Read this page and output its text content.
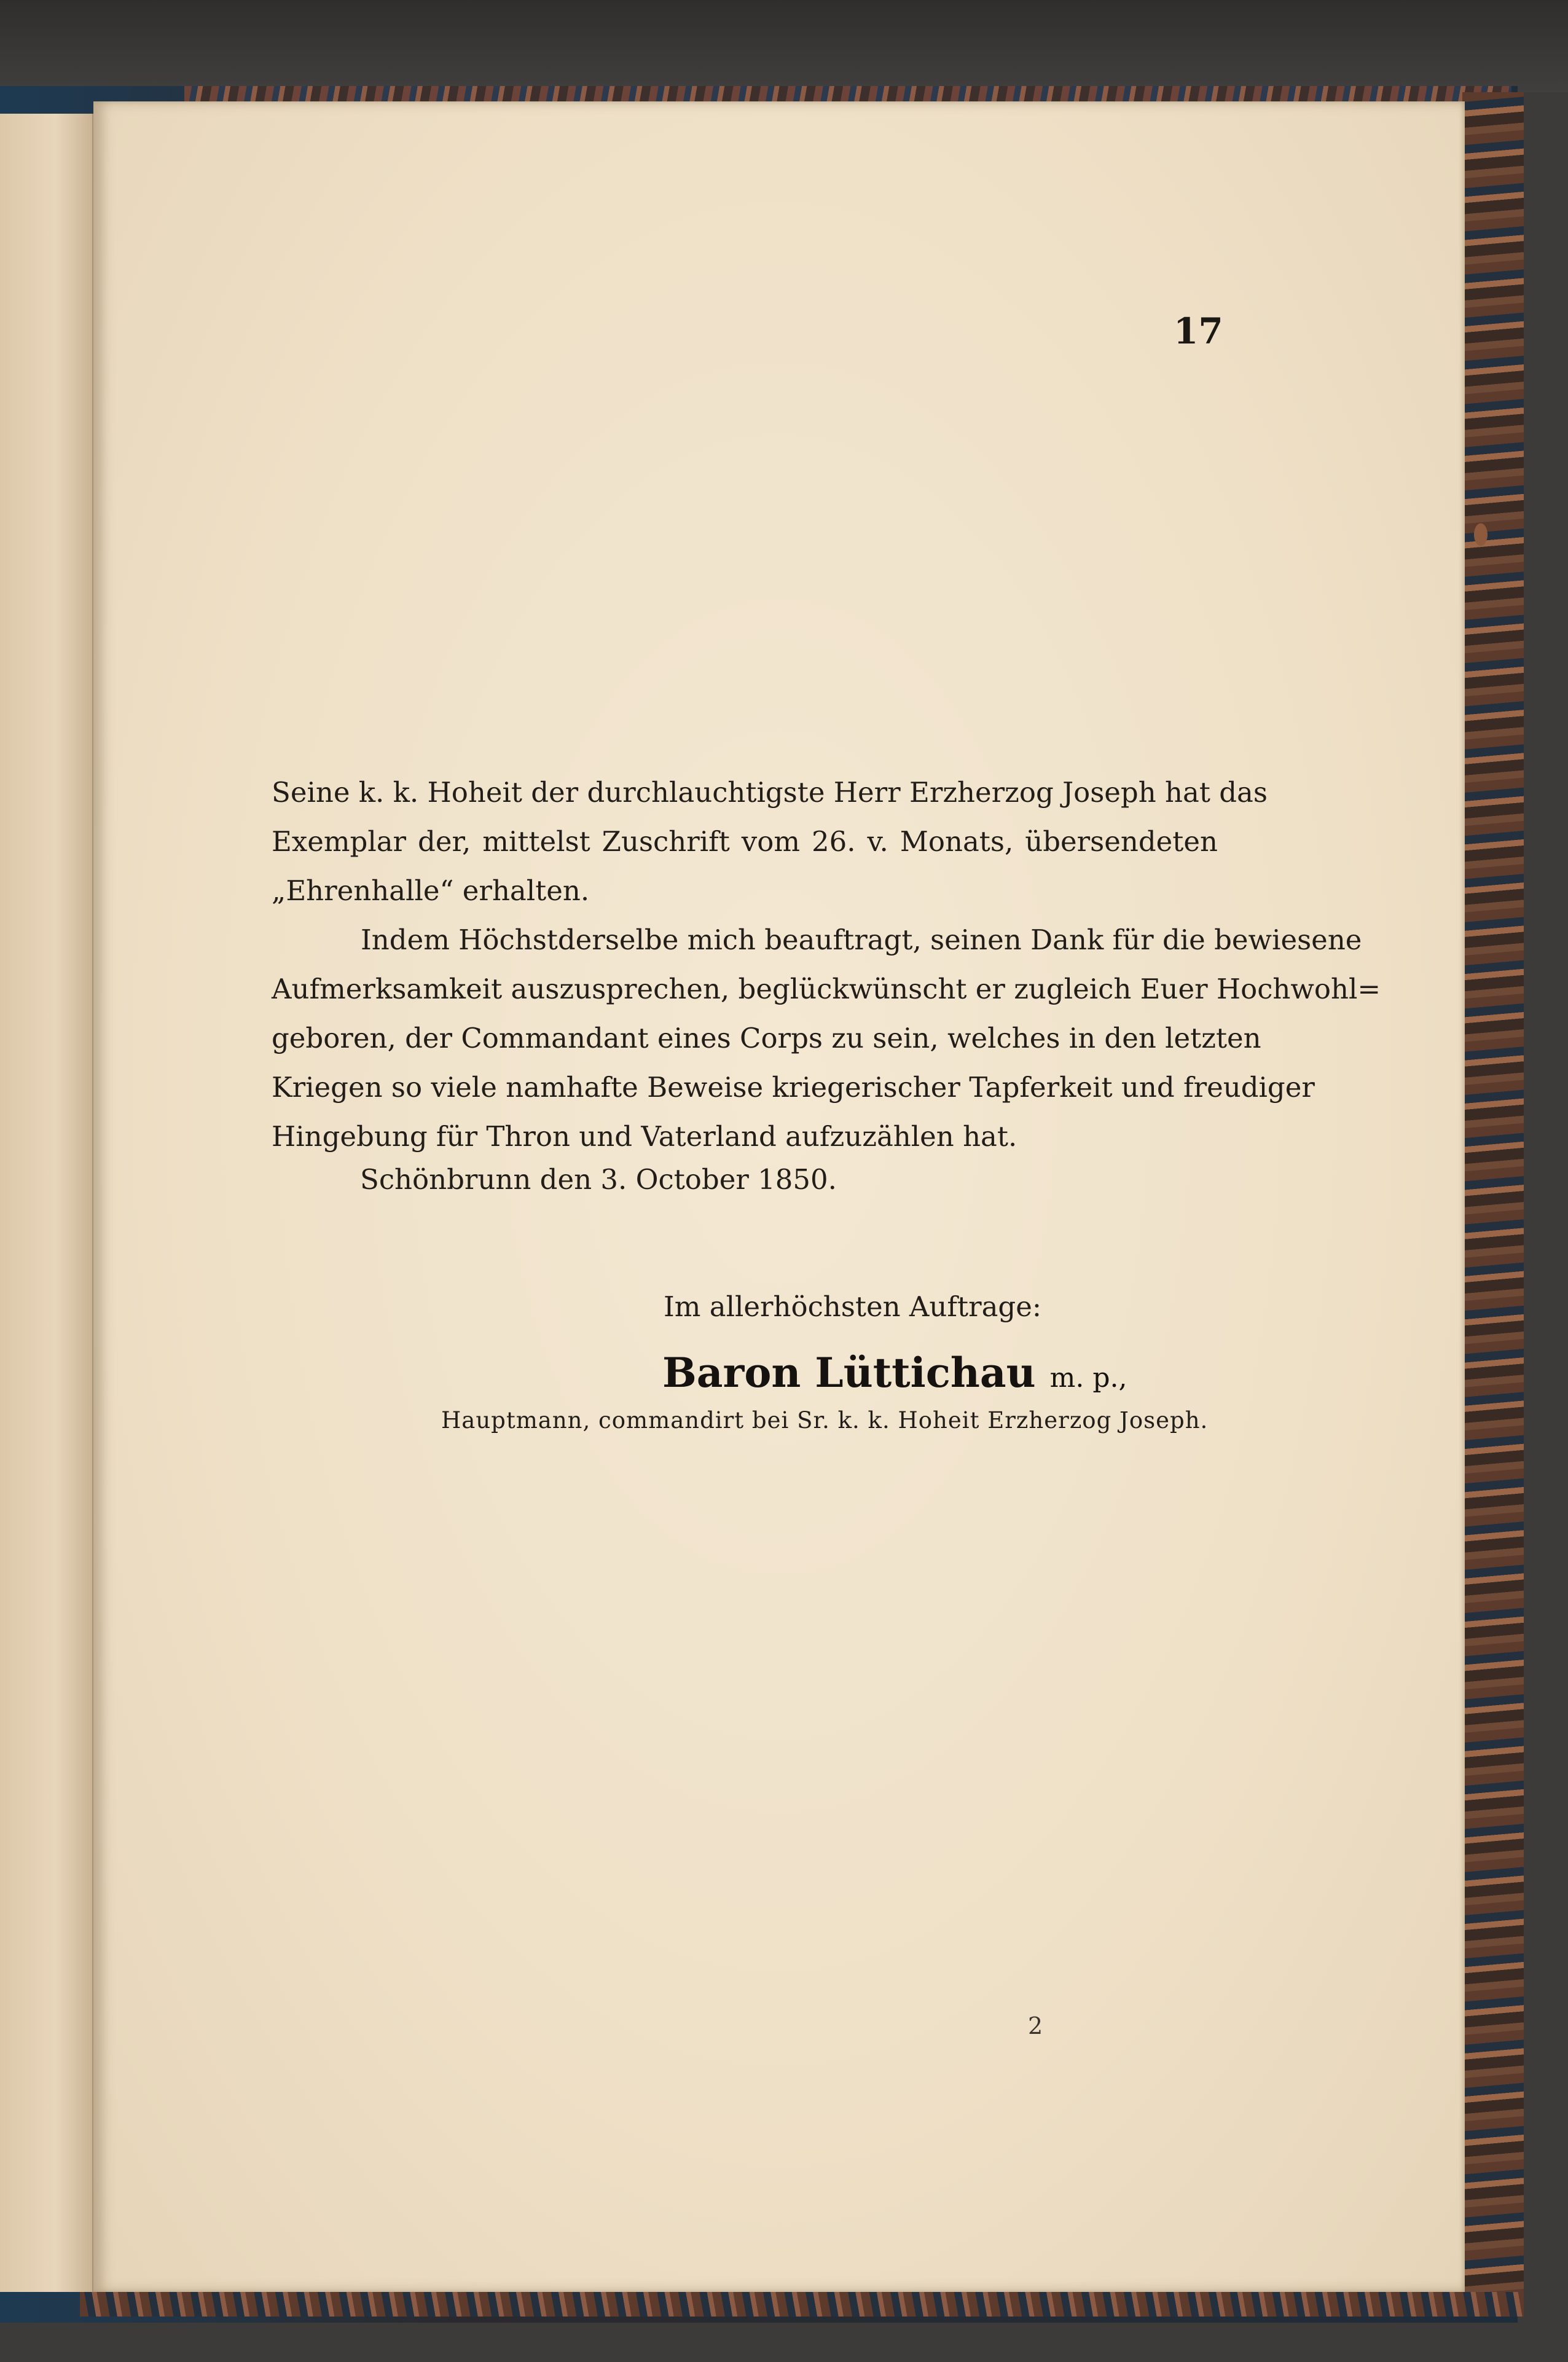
17
Seine k. k. Hoheit der durchlauchtigste Herr Erzherzog Joseph hat das
Exemplar der, mittelst Zuschrift vom 26. v. Monats, übersendeten
„Ehrenhalle“ erhalten.
Indem Höchstderselbe mich beauftragt, seinen Dank für die bewiesene
Aufmerksamkeit auszusprechen, beglückwünscht er zugleich Euer Hochwohl=
geboren, der Commandant eines Corps zu sein, welches in den letzten
Kriegen so viele namhafte Beweise kriegerischer Tapferkeit und freudiger
Hingebung für Thron und Vaterland aufzuzählen hat.
Schönbrunn den 3. October 1850.
Im allerhöchsten Auftrage:
Baron Lüttichau m. p.,
Hauptmann, commandirt bei Sr. k. k. Hoheit Erzherzog Joseph.
2
